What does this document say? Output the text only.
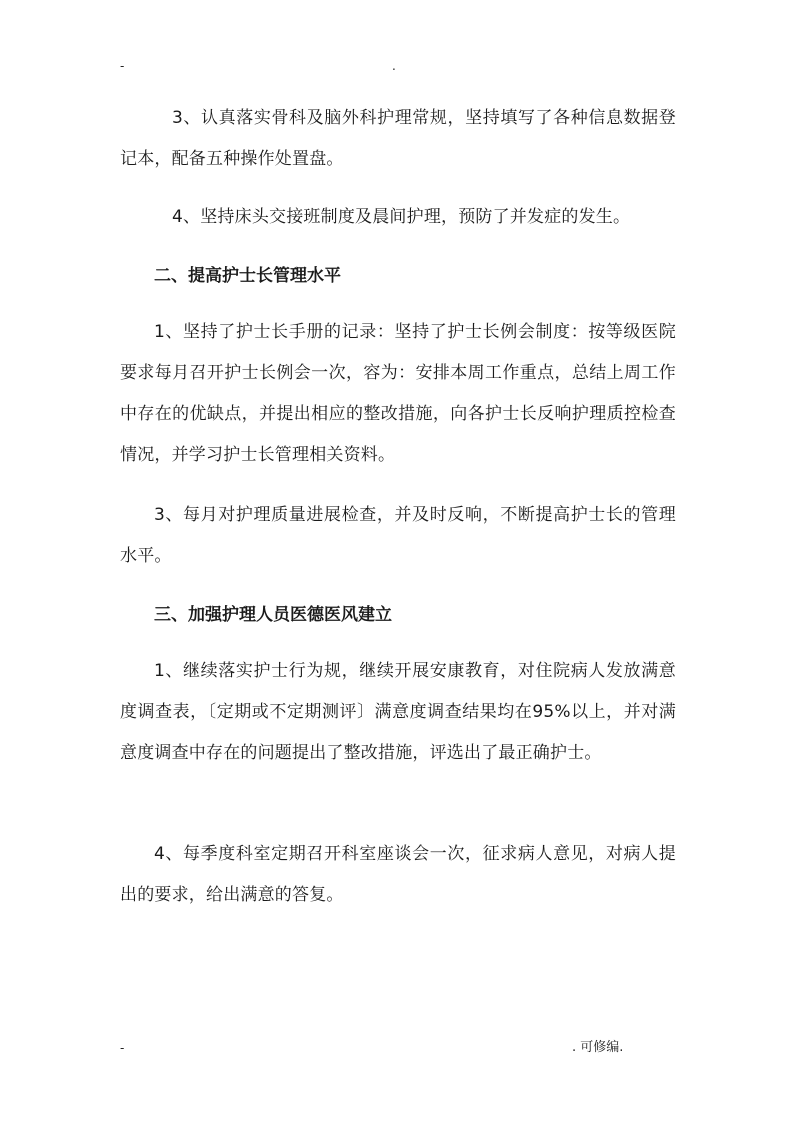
-	.

3、认真落实骨科及脑外科护理常规，坚持填写了各种信息数据登记本，配备五种操作处置盘。

4、坚持床头交接班制度及晨间护理，预防了并发症的发生。

二、提高护士长管理水平

1、坚持了护士长手册的记录：坚持了护士长例会制度：按等级医院要求每月召开护士长例会一次，容为：安排本周工作重点，总结上周工作中存在的优缺点，并提出相应的整改措施，向各护士长反响护理质控检查情况，并学习护士长管理相关资料。

3、每月对护理质量进展检查，并及时反响，不断提高护士长的管理水平。

三、加强护理人员医德医风建立

1、继续落实护士行为规，继续开展安康教育，对住院病人发放满意度调查表，〔定期或不定期测评〕满意度调查结果均在95%以上，并对满意度调查中存在的问题提出了整改措施，评选出了最正确护士。

4、每季度科室定期召开科室座谈会一次，征求病人意见，对病人提出的要求，给出满意的答复。

-	. 可修编.
